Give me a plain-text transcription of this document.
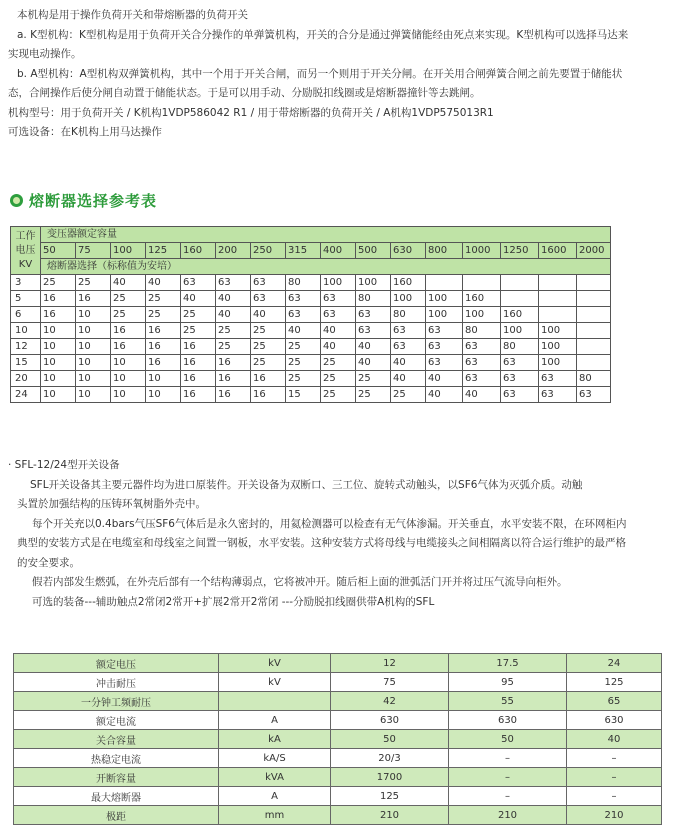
本机构是用于操作负荷开关和带熔断器的负荷开关

a. K型机构：K型机构是用于负荷开关合分操作的单弹簧机构，开关的合分是通过弹簧储能经由死点来实现。K型机构可以选择马达来

实现电动操作。

b. A型机构：A型机构双弹簧机构，其中一个用于开关合闸，而另一个则用于开关分闸。在开关用合闸弹簧合闸之前先要置于储能状

态，合闸操作后使分闸自动置于储能状态。于是可以用手动、分励脱扣线圈或是熔断器撞针等去跳闸。

机构型号：用于负荷开关 / K机构1VDP586042 R1 / 用于带熔断器的负荷开关 / A机构1VDP575013R1

可选设备：在K机构上用马达操作

熔断器选择参考表
工作
电压
KV	变压器额定容量															
	50	75	100	125	160	200	250	315	400	500	630	800	1000	1250	1600	2000
	熔断器选择（标称值为安培）															
3	25	25	40	40	63	63	63	80	100	100	160					
5	16	16	25	25	40	40	63	63	63	80	100	100	160			
6	16	10	25	25	25	40	40	63	63	63	80	100	100	160		
10	10	10	16	16	25	25	25	40	40	63	63	63	80	100	100	
12	10	10	16	16	16	25	25	25	40	40	63	63	63	80	100	
15	10	10	10	16	16	16	25	25	25	40	40	63	63	63	100	
20	10	10	10	10	16	16	16	25	25	25	40	40	63	63	63	80
24	10	10	10	10	16	16	16	15	25	25	25	40	40	63	63	63

· SFL-12/24型开关设备

SFL开关设备其主要元器件均为进口原装件。开关设备为双断口、三工位、旋转式动触头，以SF6气体为灭弧介质。动触

头置於加强结构的压铸环氧树脂外壳中。

每个开关充以0.4bars气压SF6气体后是永久密封的，用氦检测器可以检查有无气体渗漏。开关垂直，水平安装不限，在环网柜内

典型的安装方式是在电缆室和母线室之间置一钢板，水平安装。这种安装方式将母线与电缆接头之间相隔离以符合运行维护的最严格

的安全要求。

假若内部发生燃弧，在外壳后部有一个结构薄弱点，它将被冲开。随后柜上面的泄弧活门开并将过压气流导向柜外。

可选的装备---辅助触点2常闭2常开+扩展2常开2常闭 ---分励脱扣线圈供带A机构的SFL

额定电压	kV	12	17.5	24
冲击耐压	kV	75	95	125
一分钟工频耐压		42	55	65
额定电流	A	630	630	630
关合容量	kA	50	50	40
热稳定电流	kA/S	20/3	–	–
开断容量	kVA	1700	–	–
最大熔断器	A	125	–	–
极距	mm	210	210	210
